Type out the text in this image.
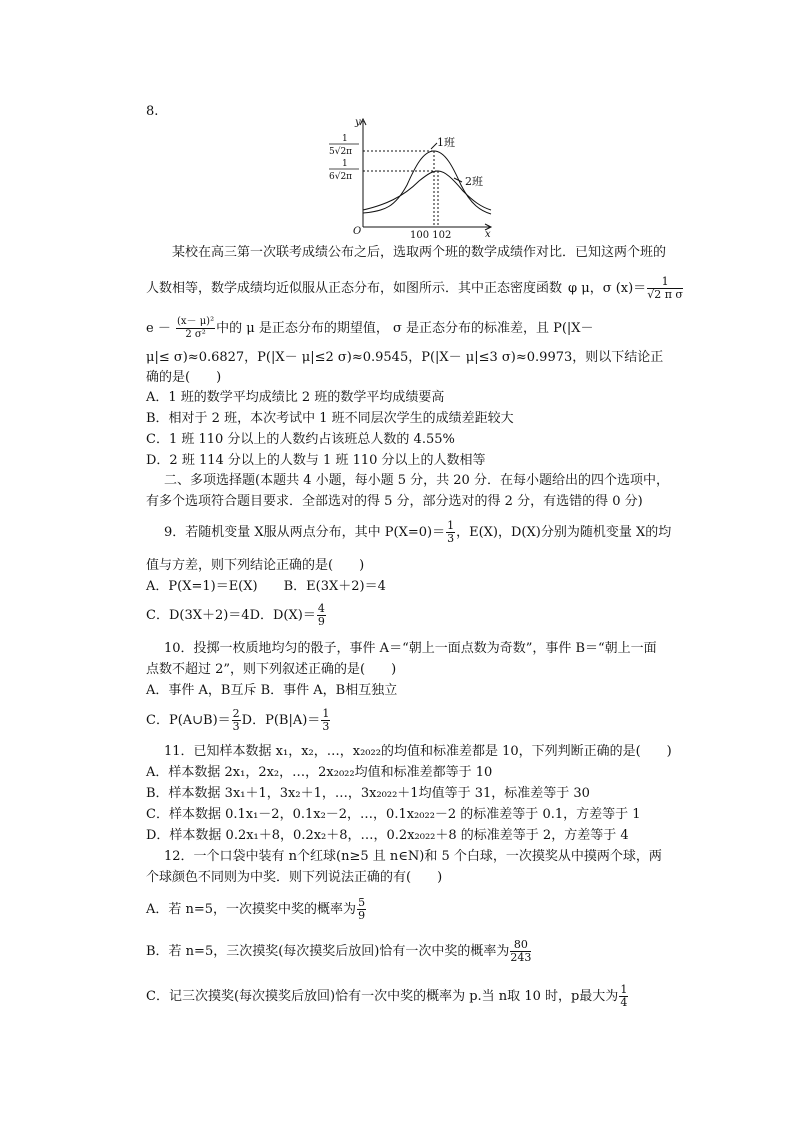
8.
y
x
O
1班
2班
100 102
1
5√2π
1
6√2π
某校在高三第一次联考成绩公布之后，选取两个班的数学成绩作对比．已知这两个班的
人数相等，数学成绩均近似服从正态分布，如图所示．其中正态密度函数 φ μ，σ $(x)= \frac{1}{\text{√2 π σ}}$
$e - \frac{\text{(x－ μ)²}}{\text{2 σ²}}$ 中的 μ 是正态分布的期望值， σ 是正态分布的标准差，且 P(|X－
μ|≤ σ)≈0.6827，P(|X－ μ|≤2 σ)≈0.9545，P(|X－ μ|≤3 σ)≈0.9973，则以下结论正
确的是(　　)
A．1 班的数学平均成绩比 2 班的数学平均成绩要高
B．相对于 2 班，本次考试中 1 班不同层次学生的成绩差距较大
C．1 班 110 分以上的人数约占该班总人数的 4.55%
D．2 班 114 分以上的人数与 1 班 110 分以上的人数相等
二、多项选择题(本题共 4 小题，每小题 5 分，共 20 分．在每小题给出的四个选项中，
有多个选项符合题目要求．全部选对的得 5 分，部分选对的得 2 分，有选错的得 0 分)
9．若随机变量 X服从两点分布，其中 $P(X=0)= \frac{1}{3}$ ，E(X)，D(X)分别为随机变量 X的均
值与方差，则下列结论正确的是(　　)
A．P(X=1)＝E(X)　　B．E(3X＋2)＝4
C．D(3X＋2)＝4D．$D(X)= \frac{4}{9}$
10．投掷一枚质地均匀的骰子，事件 A＝“朝上一面点数为奇数”，事件 B＝“朝上一面
点数不超过 2”，则下列叙述正确的是(　　)
A．事件 A，B互斥 B．事件 A，B相互独立
C．P(A∪B)＝ $\frac{2}{3}$ D．$P(B|A)= \frac{1}{3}$
11．已知样本数据 x₁，x₂，…，x₂₀₂₂的均值和标准差都是 10，下列判断正确的是(　　)
A．样本数据 2x₁，2x₂，…，2x₂₀₂₂均值和标准差都等于 10
B．样本数据 3x₁＋1，3x₂＋1，…，3x₂₀₂₂＋1均值等于 31，标准差等于 30
C．样本数据 0.1x₁－2，0.1x₂－2，…，0.1x₂₀₂₂－2 的标准差等于 0.1，方差等于 1
D．样本数据 0.2x₁＋8，0.2x₂＋8，…，0.2x₂₀₂₂＋8 的标准差等于 2，方差等于 4
12．一个口袋中装有 n个红球(n≥5 且 n∈N)和 5 个白球，一次摸奖从中摸两个球，两
个球颜色不同则为中奖．则下列说法正确的有(　　)
A．若 n=5，一次摸奖中奖的概率为 $\frac{5}{9}$
B．若 n=5，三次摸奖(每次摸奖后放回)恰有一次中奖的概率为 $\frac{80}{243}$
C．记三次摸奖(每次摸奖后放回)恰有一次中奖的概率为 p.当 n取 10 时，p最大为 $\frac{1}{4}$
